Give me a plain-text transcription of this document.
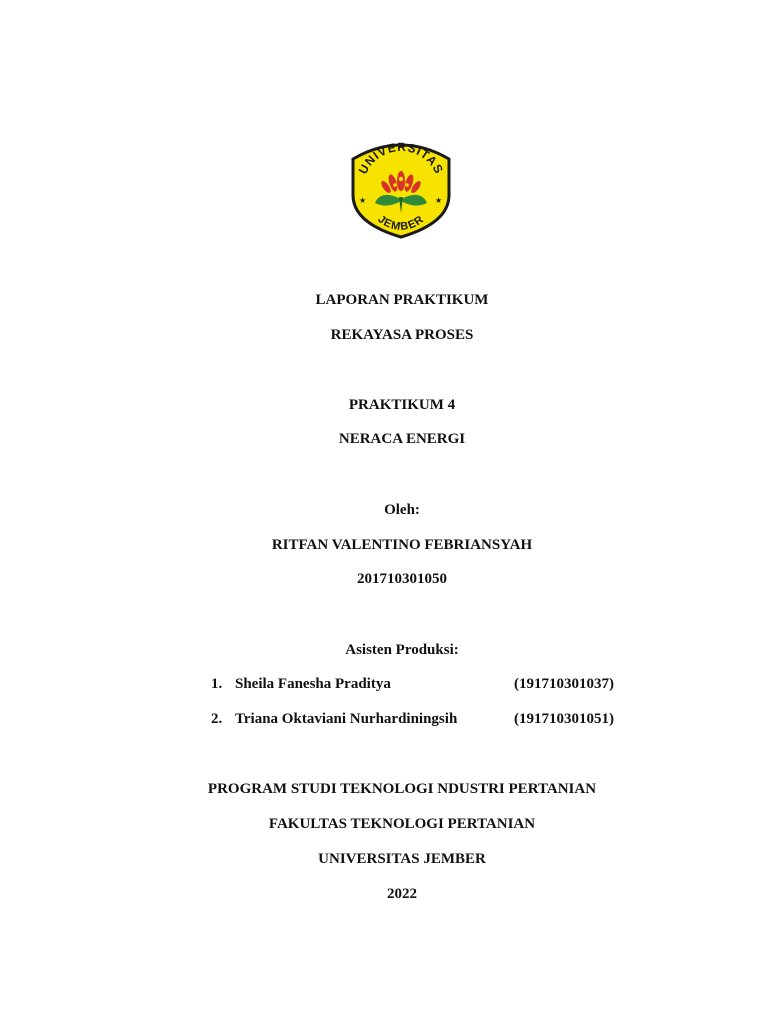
UNIVERSITAS
JEMBER
★	★
LAPORAN PRAKTIKUM
REKAYASA PROSES
PRAKTIKUM 4
NERACA ENERGI
Oleh:
RITFAN VALENTINO FEBRIANSYAH
201710301050
Asisten Produksi:
1. Sheila Fanesha Praditya	(191710301037)
2. Triana Oktaviani Nurhardiningsih	(191710301051)
PROGRAM STUDI TEKNOLOGI NDUSTRI PERTANIAN
FAKULTAS TEKNOLOGI PERTANIAN
UNIVERSITAS JEMBER
2022
